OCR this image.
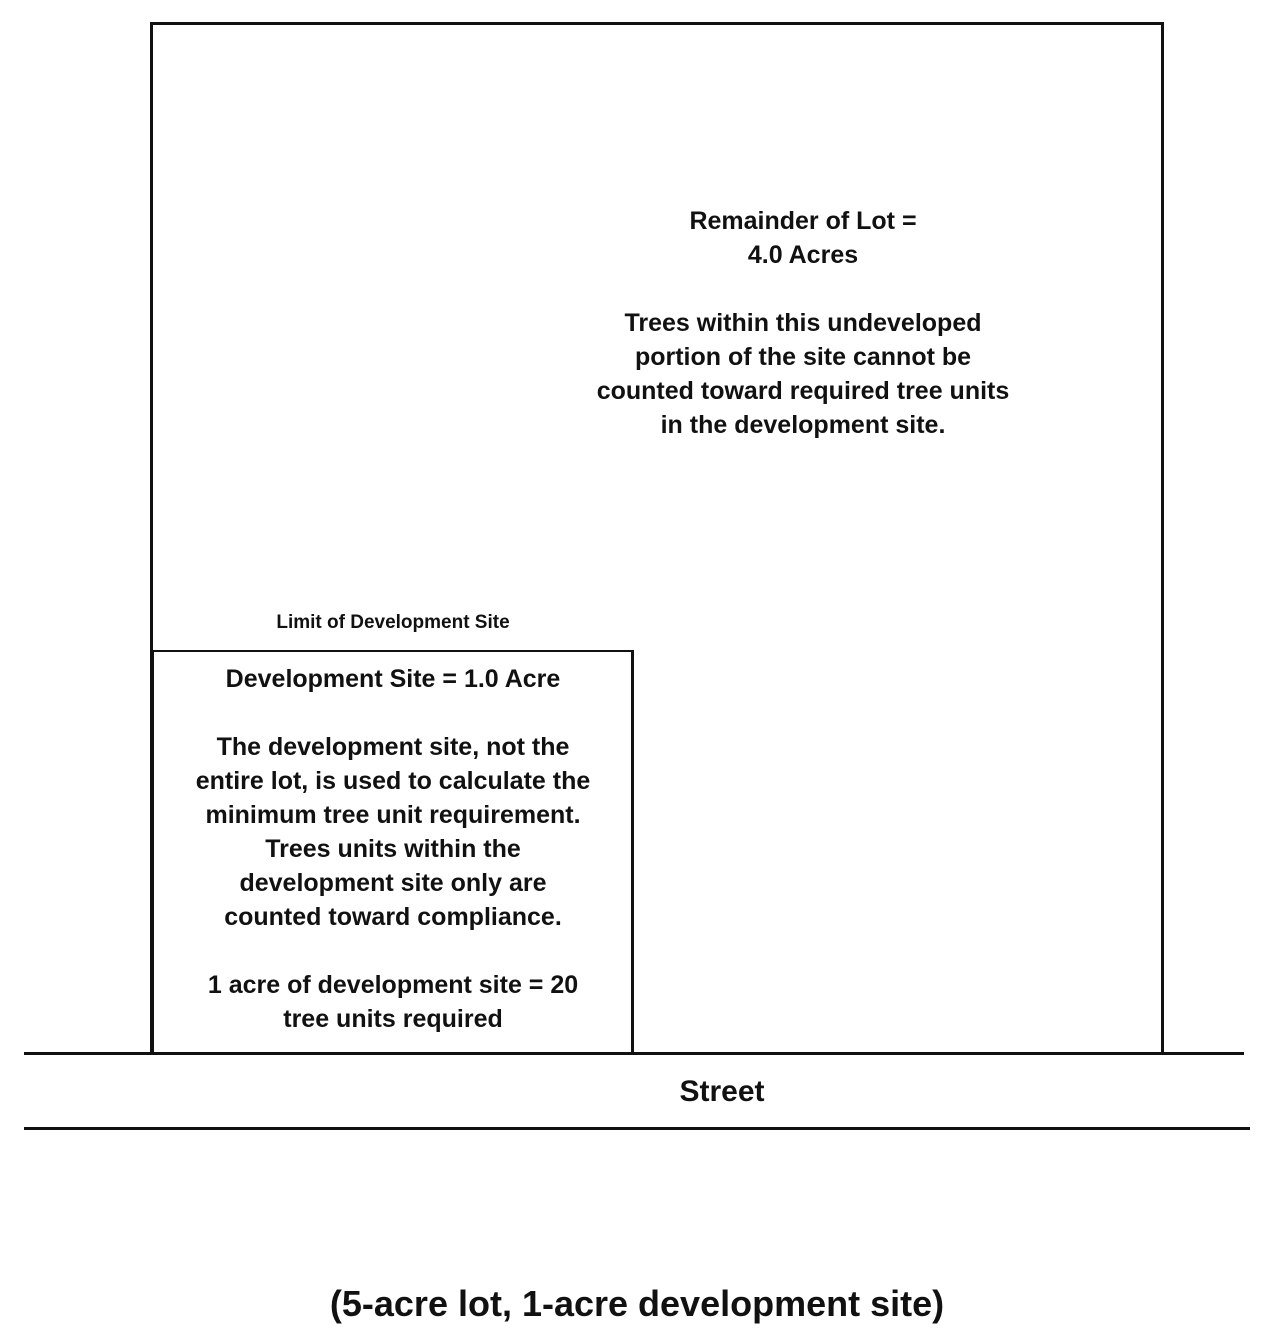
Remainder of Lot =
4.0 Acres
Trees within this undeveloped
portion of the site cannot be
counted toward required tree units
in the development site.
Limit of Development Site
Development Site = 1.0 Acre
The development site, not the
entire lot, is used to calculate the
minimum tree unit requirement.
Trees units within the
development site only are
counted toward compliance.
1 acre of development site = 20
tree units required
Street
(5-acre lot, 1-acre development site)
